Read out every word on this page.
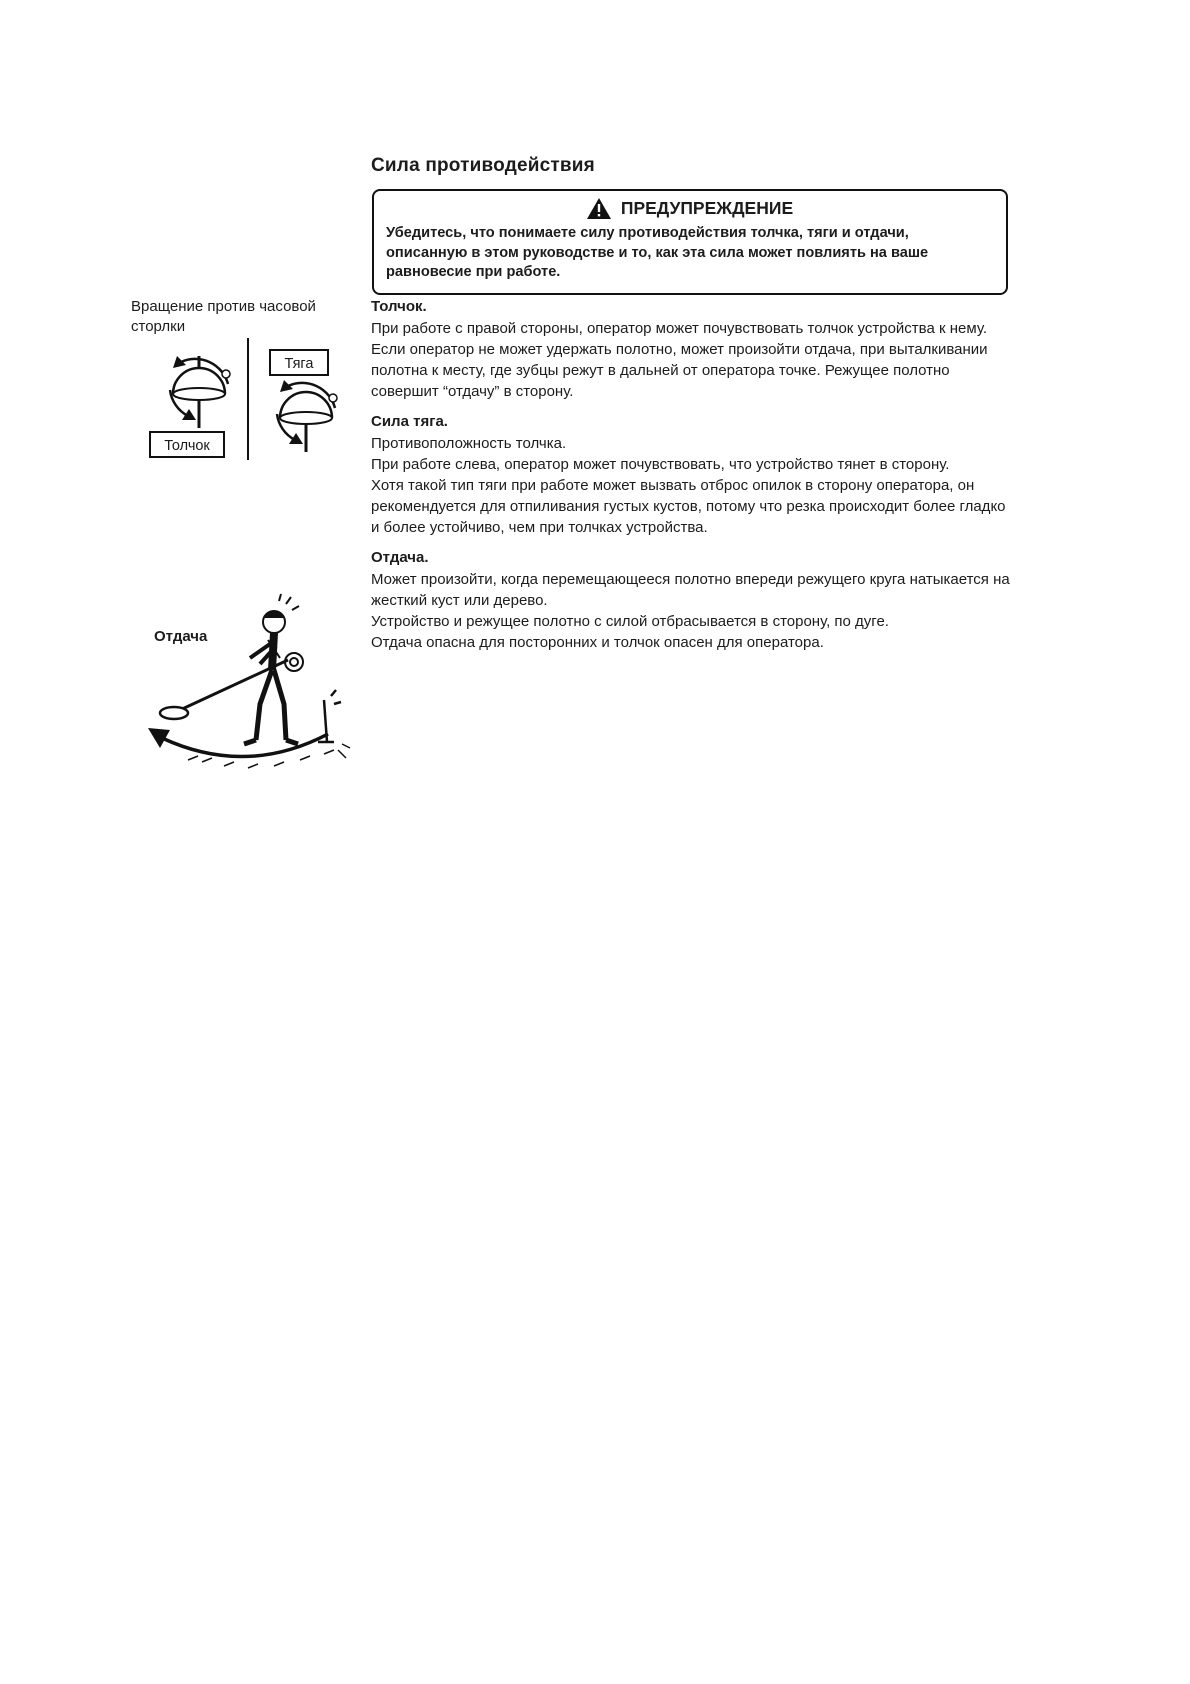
Сила противодействия
ПРЕДУПРЕЖДЕНИЕ
Убедитесь, что понимаете силу противодействия толчка, тяги и отдачи, описанную в этом руководстве и то, как эта сила может повлиять на ваше равновесие при работе.
Вращение против часовой сторлки
Толчок
Тяга
Отдача
Толчок.

При работе с правой стороны, оператор может почувствовать толчок устройства к нему.

Если оператор не может удержать полотно, может произойти отдача, при выталкивании полотна к месту, где зубцы режут в дальней от оператора точке. Режущее полотно совершит “отдачу” в сторону.

Сила тяга.

Противоположность толчка.

При работе слева, оператор может почувствовать, что устройство тянет в сторону.

Хотя такой тип тяги при работе может вызвать отброс опилок в сторону оператора, он рекомендуется для отпиливания густых кустов, потому что резка происходит более гладко и более устойчиво, чем при толчках устройства.

Отдача.

Может произойти, когда перемещающееся полотно впереди режущего круга натыкается на жесткий куст или дерево.

Устройство и режущее полотно с силой отбрасывается в сторону, по дуге.

Отдача опасна для посторонних и толчок опасен для оператора.
